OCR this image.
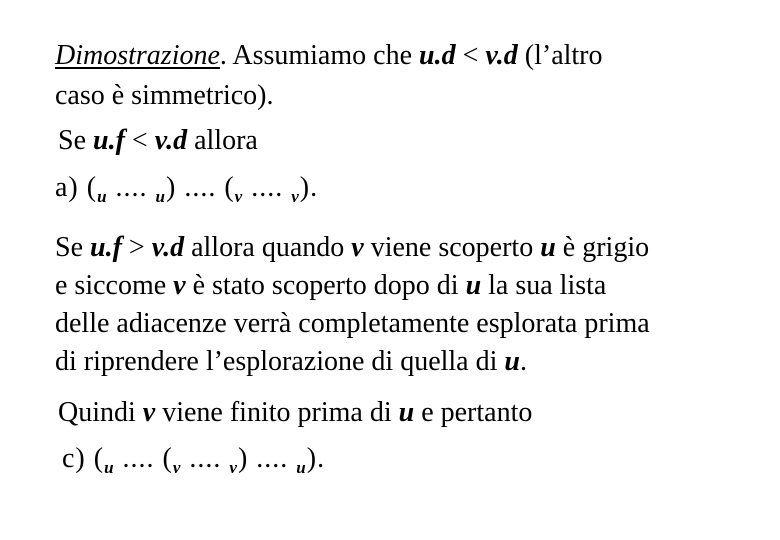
Dimostrazione. Assumiamo che u.d < v.d (l’altro
caso è simmetrico).
Se u.f < v.d allora
a) ($_u$ .... $_u$) .... ($_v$ .... $_v$).
Se u.f > v.d allora quando v viene scoperto u è grigio
e siccome v è stato scoperto dopo di u la sua lista
delle adiacenze verrà completamente esplorata prima
di riprendere l’esplorazione di quella di u.
Quindi v viene finito prima di u e pertanto
c) ($_u$ .... ($_v$ .... $_v$) .... $_u$).
